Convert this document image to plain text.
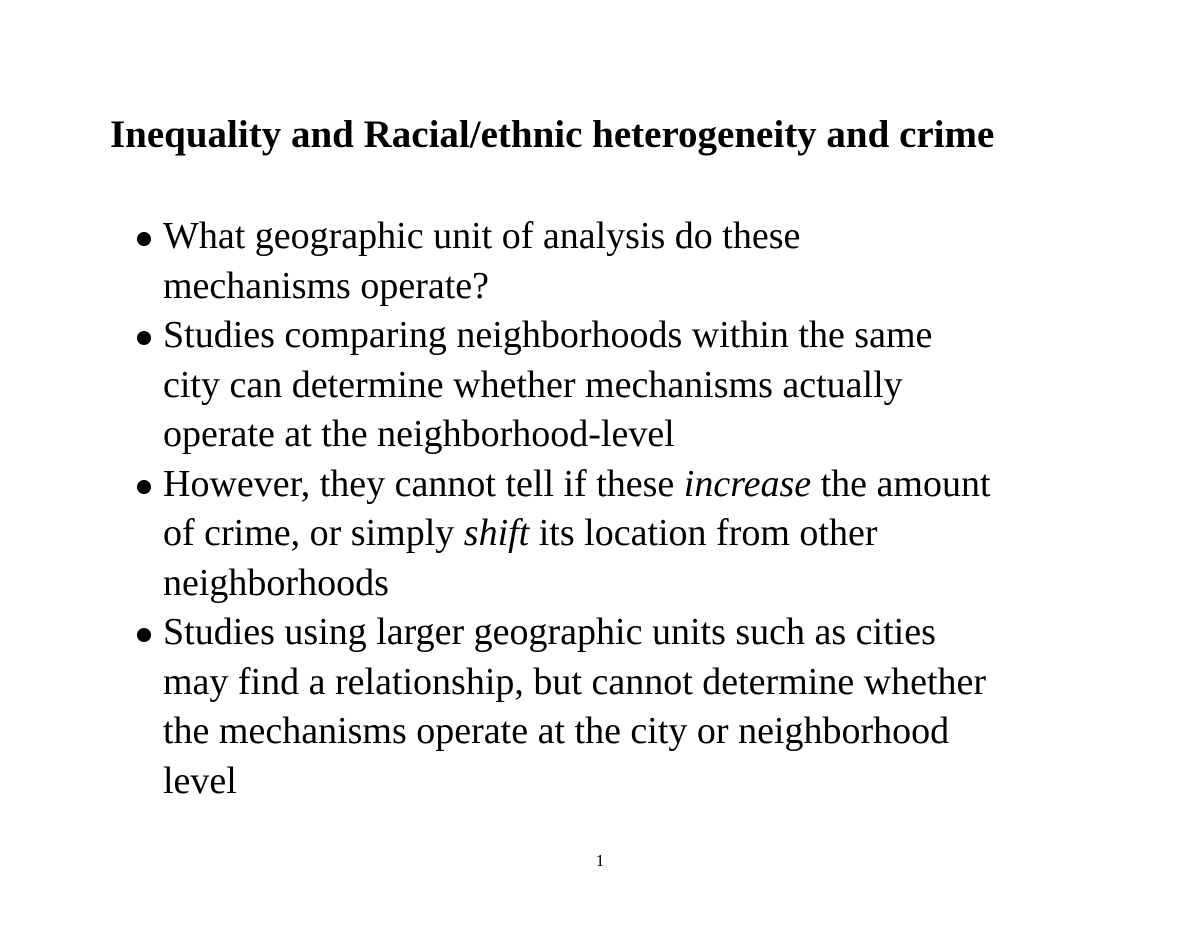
Inequality and Racial/ethnic heterogeneity and crime
What geographic unit of analysis do these
mechanisms operate?
Studies comparing neighborhoods within the same
city can determine whether mechanisms actually
operate at the neighborhood-level
However, they cannot tell if these increase the amount
of crime, or simply shift its location from other
neighborhoods
Studies using larger geographic units such as cities
may find a relationship, but cannot determine whether
the mechanisms operate at the city or neighborhood
level
1
